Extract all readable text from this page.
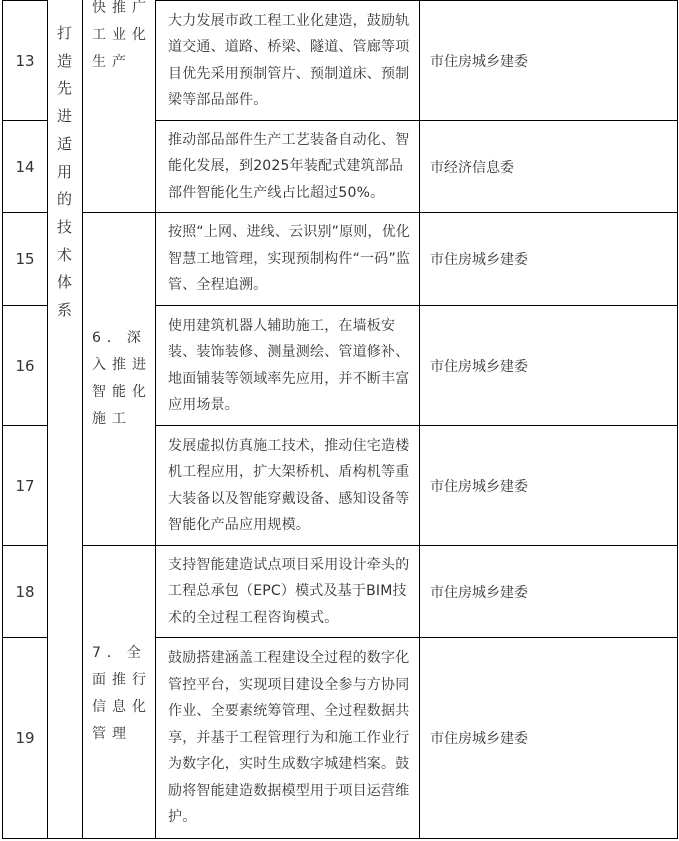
打
造
先
进
适
用
的
技
术
体
系
快推广
工业化
生产
6．深
入推进
智能化
施工
7．全
面推行
信息化
管理
13
大力发展市政工程工业化建造，鼓励轨道交通、道路、桥梁、隧道、管廊等项目优先采用预制管片、预制道床、预制梁等部品部件。
市住房城乡建委
14
推动部品部件生产工艺装备自动化、智能化发展，到2025年装配式建筑部品部件智能化生产线占比超过50%。
市经济信息委
15
按照“上网、进线、云识别”原则，优化智慧工地管理，实现预制构件“一码”监管、全程追溯。
市住房城乡建委
16
使用建筑机器人辅助施工，在墙板安装、装饰装修、测量测绘、管道修补、地面铺装等领域率先应用，并不断丰富应用场景。
市住房城乡建委
17
发展虚拟仿真施工技术，推动住宅造楼机工程应用，扩大架桥机、盾构机等重大装备以及智能穿戴设备、感知设备等智能化产品应用规模。
市住房城乡建委
18
支持智能建造试点项目采用设计牵头的工程总承包（EPC）模式及基于BIM技术的全过程工程咨询模式。
市住房城乡建委
19
鼓励搭建涵盖工程建设全过程的数字化管控平台，实现项目建设全参与方协同作业、全要素统筹管理、全过程数据共享，并基于工程管理行为和施工作业行为数字化，实时生成数字城建档案。鼓励将智能建造数据模型用于项目运营维护。
市住房城乡建委
